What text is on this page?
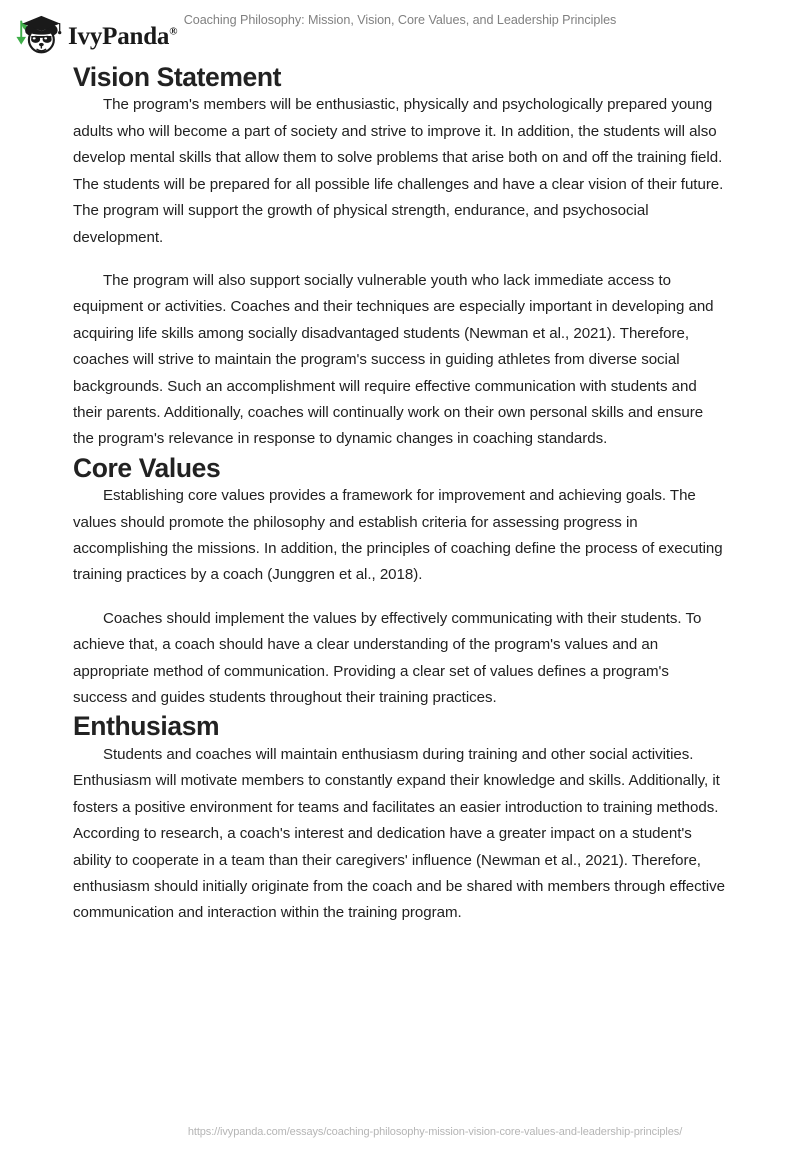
IvyPanda®
Coaching Philosophy: Mission, Vision, Core Values, and Leadership Principles
Vision Statement

The program's members will be enthusiastic, physically and psychologically prepared young adults who will become a part of society and strive to improve it. In addition, the students will also develop mental skills that allow them to solve problems that arise both on and off the training field. The students will be prepared for all possible life challenges and have a clear vision of their future. The program will support the growth of physical strength, endurance, and psychosocial development.

The program will also support socially vulnerable youth who lack immediate access to equipment or activities. Coaches and their techniques are especially important in developing and acquiring life skills among socially disadvantaged students (Newman et al., 2021). Therefore, coaches will strive to maintain the program's success in guiding athletes from diverse social backgrounds. Such an accomplishment will require effective communication with students and their parents. Additionally, coaches will continually work on their own personal skills and ensure the program's relevance in response to dynamic changes in coaching standards.

Core Values

Establishing core values provides a framework for improvement and achieving goals. The values should promote the philosophy and establish criteria for assessing progress in accomplishing the missions. In addition, the principles of coaching define the process of executing training practices by a coach (Junggren et al., 2018).

Coaches should implement the values by effectively communicating with their students. To achieve that, a coach should have a clear understanding of the program's values and an appropriate method of communication. Providing a clear set of values defines a program's success and guides students throughout their training practices.

Enthusiasm

Students and coaches will maintain enthusiasm during training and other social activities. Enthusiasm will motivate members to constantly expand their knowledge and skills. Additionally, it fosters a positive environment for teams and facilitates an easier introduction to training methods. According to research, a coach's interest and dedication have a greater impact on a student's ability to cooperate in a team than their caregivers' influence (Newman et al., 2021). Therefore, enthusiasm should initially originate from the coach and be shared with members through effective communication and interaction within the training program.

https://ivypanda.com/essays/coaching-philosophy-mission-vision-core-values-and-leadership-principles/
